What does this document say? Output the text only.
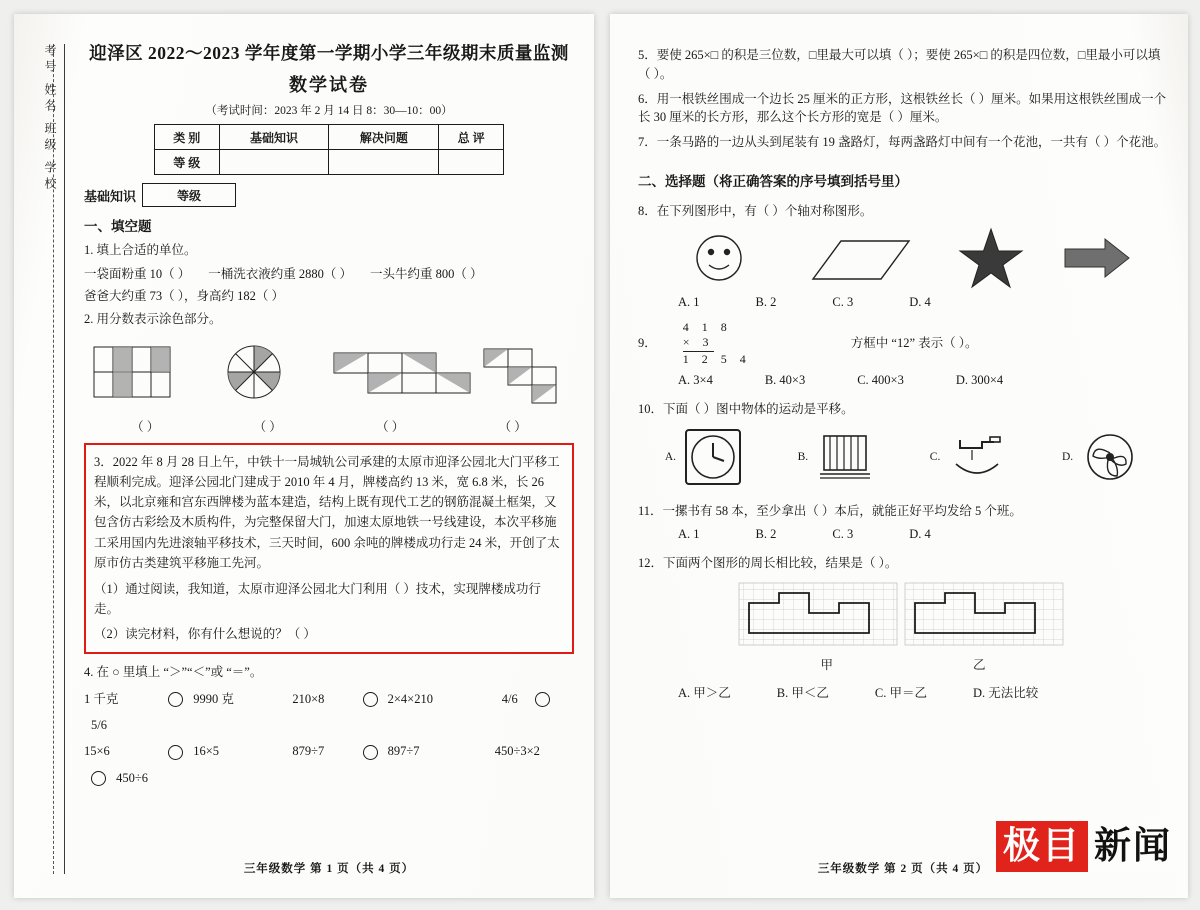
考号 姓名 班级 学校 迎泽区 2022～2023 学年度第一学期小学三年级期末质量监测
数学试卷
（考试时间：2023 年 2 月 14 日 8：30—10：00）
类 别	基础知识	解决问题	总 评
等 级			
基础知识	等级
一、填空题
1. 填上合适的单位。
一袋面粉重 10（ ） 一桶洗衣液约重 2880（ ） 一头牛约重 800（ ）
爸爸大约重 73（ ），身高约 182（ ）
2. 用分数表示涂色部分。
（ ）	（ ）	（ ）	（ ）
3．2022 年 8 月 28 日上午，中铁十一局城轨公司承建的太原市迎泽公园北大门平移工程顺利完成。迎泽公园北门建成于 2010 年 4 月，牌楼高约 13 米，宽 6.8 米，长 26 米，以北京雍和宫东西牌楼为蓝本建造，结构上既有现代工艺的钢筋混凝土框架，又包含仿古彩绘及木质构件，为完整保留大门，加速太原地铁一号线建设，本次平移施工采用国内先进滚轴平移技术，三天时间，600 余吨的牌楼成功行走 24 米，开创了太原市仿古类建筑平移施工先河。
（1）通过阅读，我知道，太原市迎泽公园北大门利用（ ）技术，实现牌楼成功行走。
（2）读完材料，你有什么想说的？（ ）
4. 在 ○ 里填上 “＞”“＜”或 “＝”。
1 千克	9990 克	210×8	2×4×210	4/6  5/6
15×6	16×5	879÷7	897÷7	450÷3×2  450÷6
三年级数学 第 1 页（共 4 页）
5．要使 265×□ 的积是三位数，□里最大可以填（ ）；要使 265×□ 的积是四位数，□里最小可以填（ ）。
6．用一根铁丝围成一个边长 25 厘米的正方形，这根铁丝长（ ）厘米。如果用这根铁丝围成一个长 30 厘米的长方形，那么这个长方形的宽是（ ）厘米。
7．一条马路的一边从头到尾装有 19 盏路灯，每两盏路灯中间有一个花池，一共有（ ）个花池。
二、选择题（将正确答案的序号填到括号里）
8．在下列图形中，有（ ）个轴对称图形。
A. 1	B. 2	C. 3	D. 4
9．
4 1 8
× 3
1 2 5 4
方框中 “12” 表示（ ）。
A. 3×4	B. 40×3	C. 400×3	D. 300×4
10．下面（ ）图中物体的运动是平移。
A.	B.	C.	D.
11．一摞书有 58 本，至少拿出（ ）本后，就能正好平均发给 5 个班。
A. 1	B. 2	C. 3	D. 4
12．下面两个图形的周长相比较，结果是（ ）。
甲	乙
A. 甲＞乙	B. 甲＜乙	C. 甲＝乙	D. 无法比较
三年级数学 第 2 页（共 4 页）
极目 新闻
